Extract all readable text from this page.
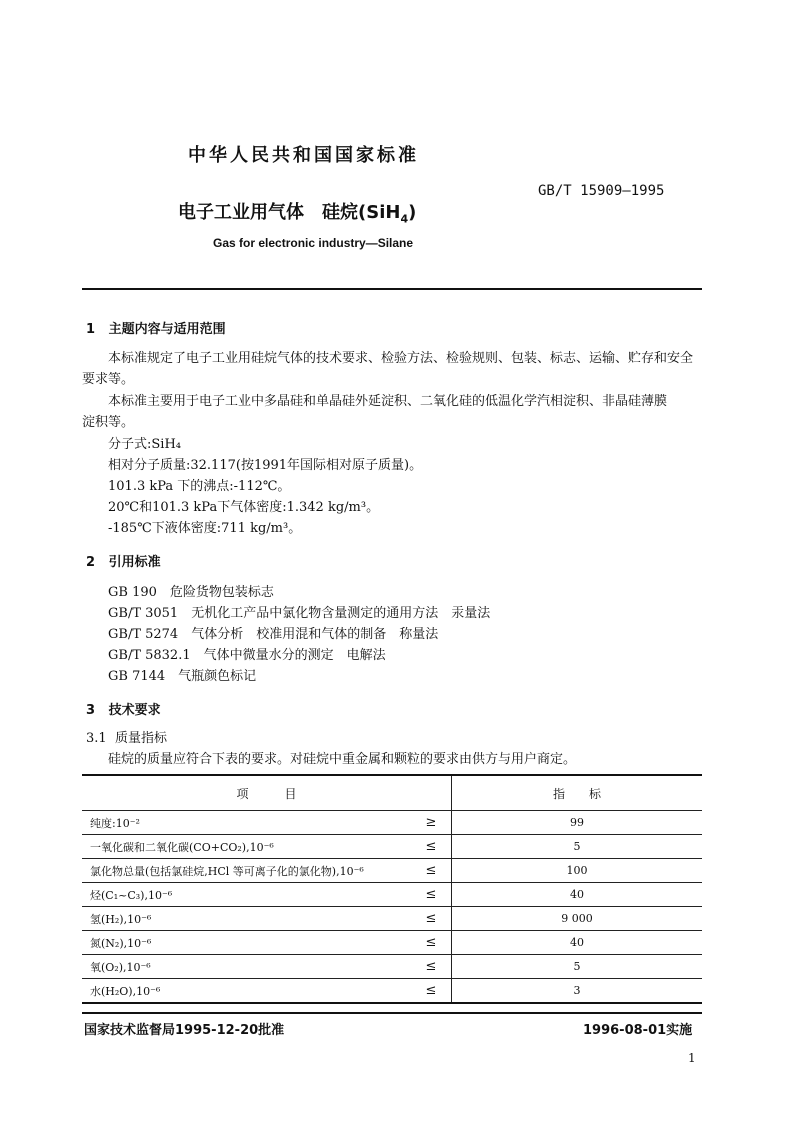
中华人民共和国国家标准
GB/T 15909—1995
电子工业用气体　硅烷(SiH$_4$)
Gas for electronic industry—Silane
1 主题内容与适用范围
本标准规定了电子工业用硅烷气体的技术要求、检验方法、检验规则、包装、标志、运输、贮存和安全
要求等。
本标准主要用于电子工业中多晶硅和单晶硅外延淀积、二氧化硅的低温化学汽相淀积、非晶硅薄膜
淀积等。
分子式:SiH₄
相对分子质量:32.117(按1991年国际相对原子质量)。
101.3 kPa 下的沸点:-112℃。
20℃和101.3 kPa下气体密度:1.342 kg/m³。
-185℃下液体密度:711 kg/m³。
2 引用标准
GB 190　危险货物包装标志
GB/T 3051　无机化工产品中氯化物含量测定的通用方法　汞量法
GB/T 5274　气体分析　校准用混和气体的制备　称量法
GB/T 5832.1　气体中微量水分的测定　电解法
GB 7144　气瓶颜色标记
3 技术要求
3.1 质量指标
硅烷的质量应符合下表的要求。对硅烷中重金属和颗粒的要求由供方与用户商定。
项　　　目		指　　标
纯度:10⁻²	≥	99
一氧化碳和二氧化碳(CO+CO₂),10⁻⁶	≤	5
氯化物总量(包括氯硅烷,HCl 等可离子化的氯化物),10⁻⁶	≤	100
烃(C₁~C₃),10⁻⁶	≤	40
氢(H₂),10⁻⁶	≤	9 000
氮(N₂),10⁻⁶	≤	40
氧(O₂),10⁻⁶	≤	5
水(H₂O),10⁻⁶	≤	3
国家技术监督局1995-12-20批准	1996-08-01实施
1
